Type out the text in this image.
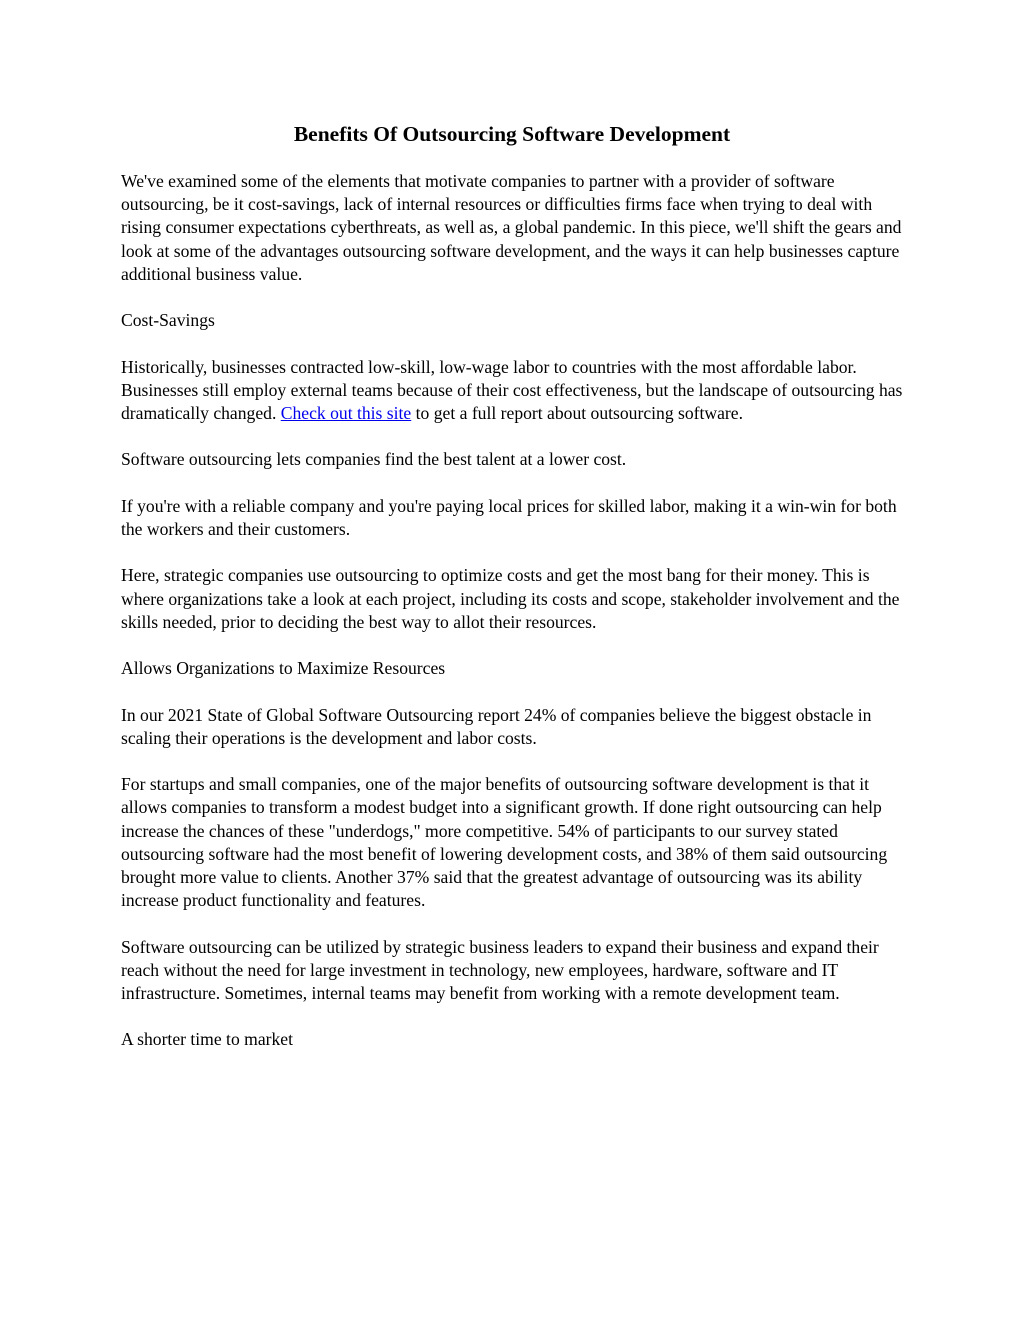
Benefits Of Outsourcing Software Development

We've examined some of the elements that motivate companies to partner with a provider of software outsourcing, be it cost-savings, lack of internal resources or difficulties firms face when trying to deal with rising consumer expectations cyberthreats, as well as, a global pandemic. In this piece, we'll shift the gears and look at some of the advantages outsourcing software development, and the ways it can help businesses capture additional business value.

Cost-Savings

Historically, businesses contracted low-skill, low-wage labor to countries with the most affordable labor. Businesses still employ external teams because of their cost effectiveness, but the landscape of outsourcing has dramatically changed. Check out this site to get a full report about outsourcing software.

Software outsourcing lets companies find the best talent at a lower cost.

If you're with a reliable company and you're paying local prices for skilled labor, making it a win-win for both the workers and their customers.

Here, strategic companies use outsourcing to optimize costs and get the most bang for their money. This is where organizations take a look at each project, including its costs and scope, stakeholder involvement and the skills needed, prior to deciding the best way to allot their resources.

Allows Organizations to Maximize Resources

In our 2021 State of Global Software Outsourcing report 24% of companies believe the biggest obstacle in scaling their operations is the development and labor costs.

For startups and small companies, one of the major benefits of outsourcing software development is that it allows companies to transform a modest budget into a significant growth. If done right outsourcing can help increase the chances of these "underdogs," more competitive. 54% of participants to our survey stated outsourcing software had the most benefit of lowering development costs, and 38% of them said outsourcing brought more value to clients. Another 37% said that the greatest advantage of outsourcing was its ability increase product functionality and features.

Software outsourcing can be utilized by strategic business leaders to expand their business and expand their reach without the need for large investment in technology, new employees, hardware, software and IT infrastructure. Sometimes, internal teams may benefit from working with a remote development team.

A shorter time to market
